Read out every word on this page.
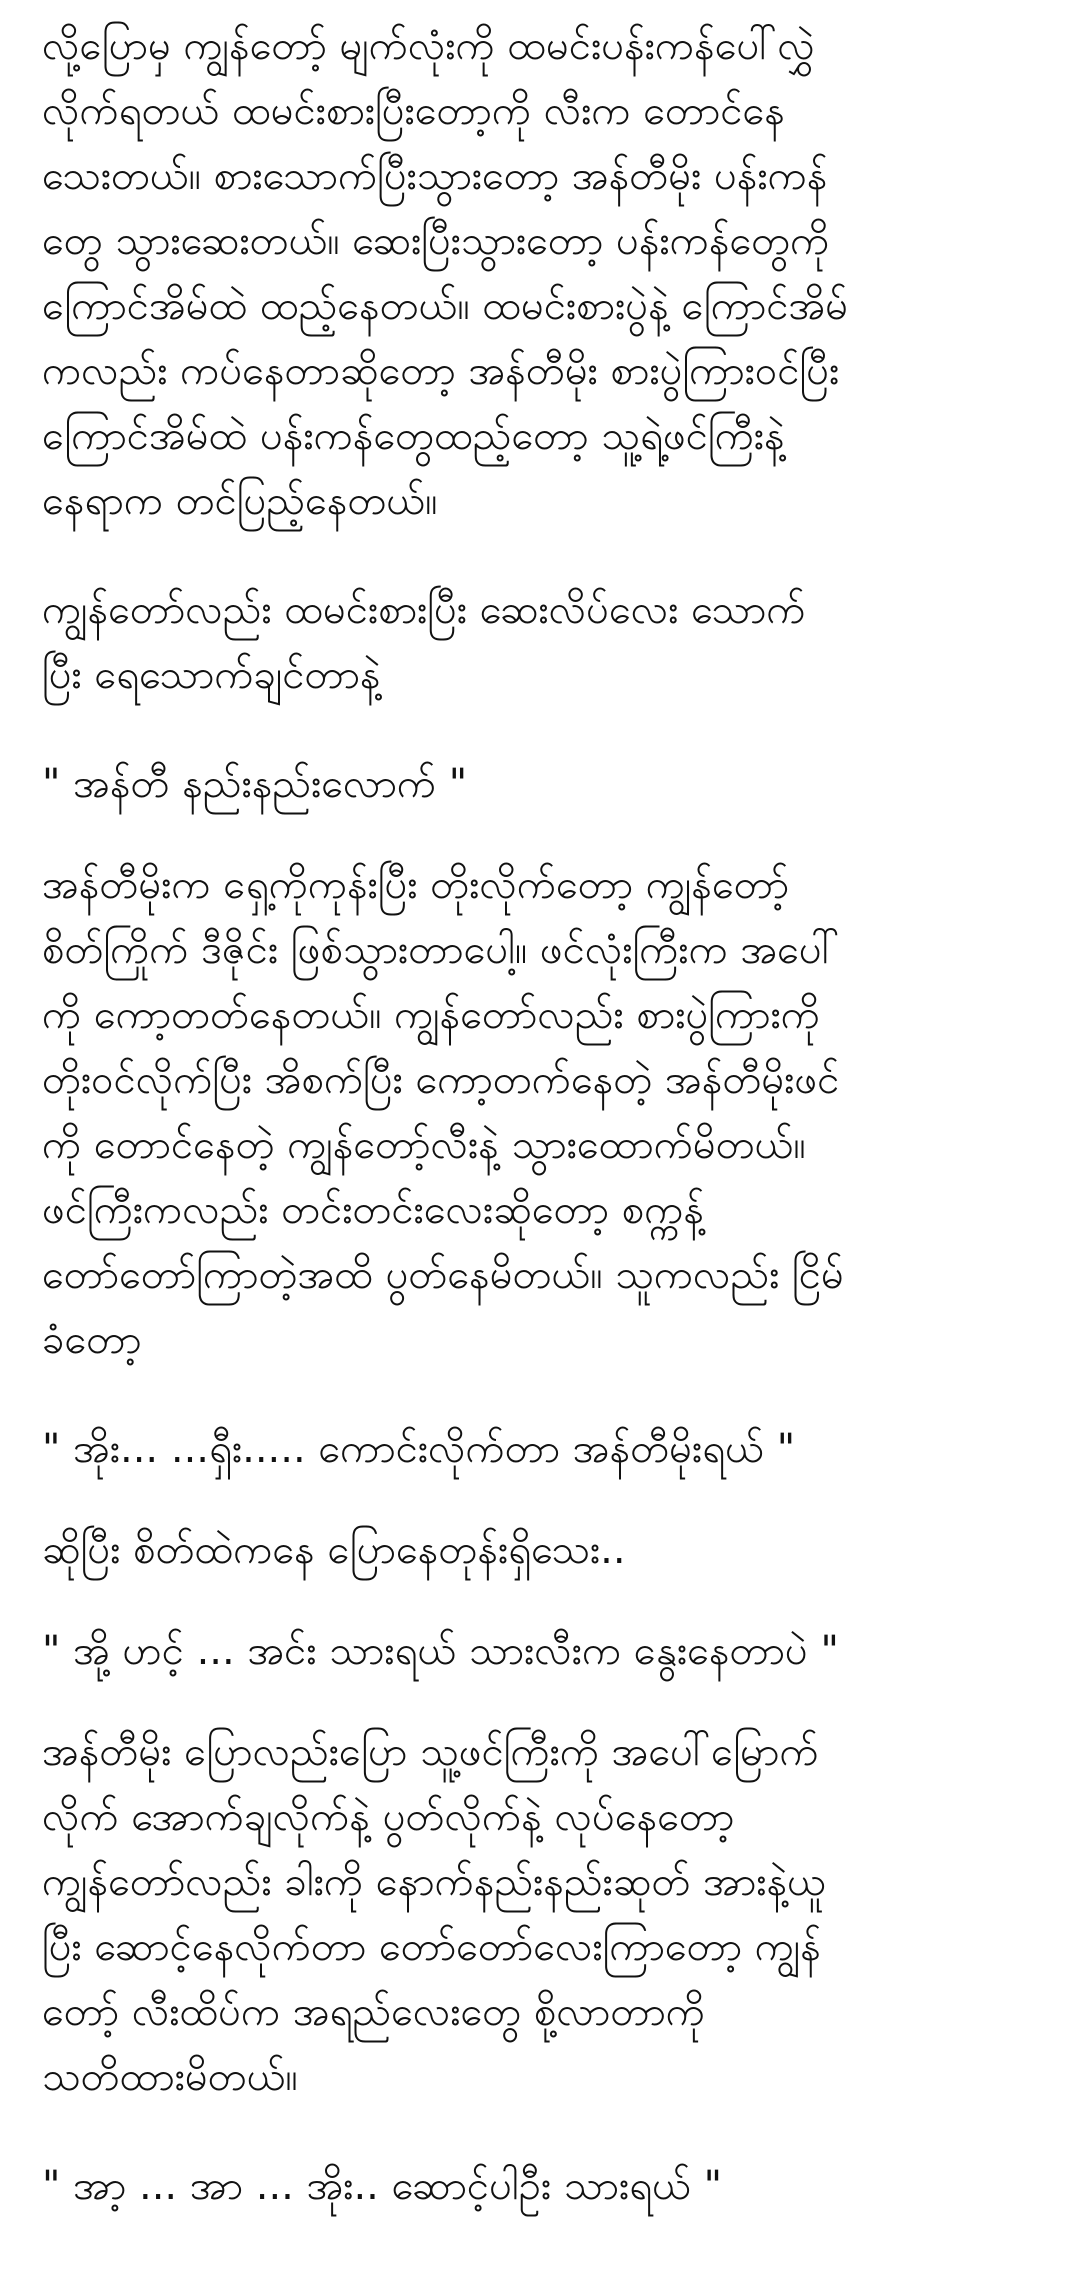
လို့ပြောမှ ကျွန်တော့် မျက်လုံးကို ထမင်းပန်းကန်ပေါ်လွှဲ
လိုက်ရတယ် ထမင်းစားပြီးတော့ကို လီးက တောင်နေ
သေးတယ်။ စားသောက်ပြီးသွားတော့ အန်တီမိုး ပန်းကန်
တွေ သွားဆေးတယ်။ ဆေးပြီးသွားတော့ ပန်းကန်တွေကို
ကြောင်အိမ်ထဲ ထည့်နေတယ်။ ထမင်းစားပွဲနဲ့ ကြောင်အိမ်
ကလည်း ကပ်နေတာဆိုတော့ အန်တီမိုး စားပွဲကြားဝင်ပြီး
ကြောင်အိမ်ထဲ ပန်းကန်တွေထည့်တော့ သူ့ရဲ့ဖင်ကြီးနဲ့
နေရာက တင်ပြည့်နေတယ်။

ကျွန်တော်လည်း ထမင်းစားပြီး ဆေးလိပ်လေး သောက်
ပြီး ရေသောက်ချင်တာနဲ့

" အန်တီ နည်းနည်းလောက် "

အန်တီမိုးက ရှေ့ကိုကုန်းပြီး တိုးလိုက်တော့ ကျွန်တော့်
စိတ်ကြိုက် ဒီဇိုင်း ဖြစ်သွားတာပေါ့။ ဖင်လုံးကြီးက အပေါ်
ကို ကော့တတ်နေတယ်။ ကျွန်တော်လည်း စားပွဲကြားကို
တိုးဝင်လိုက်ပြီး အိစက်ပြီး ကော့တက်နေတဲ့ အန်တီမိုးဖင်
ကို တောင်နေတဲ့ ကျွန်တော့်လီးနဲ့ သွားထောက်မိတယ်။
ဖင်ကြီးကလည်း တင်းတင်းလေးဆိုတော့ စက္ကန့်
တော်တော်ကြာတဲ့အထိ ပွတ်နေမိတယ်။ သူကလည်း ငြိမ်
ခံတော့

" အိုး... ...ရှီး..... ကောင်းလိုက်တာ အန်တီမိုးရယ် "

ဆိုပြီး စိတ်ထဲကနေ ပြောနေတုန်းရှိသေး..

" အို့ ဟင့် ... အင်း သားရယ် သားလီးက နွေးနေတာပဲ "

အန်တီမိုး ပြောလည်းပြော သူ့ဖင်ကြီးကို အပေါ်မြောက်
လိုက် အောက်ချလိုက်နဲ့ ပွတ်လိုက်နဲ့ လုပ်နေတော့
ကျွန်တော်လည်း ခါးကို နောက်နည်းနည်းဆုတ် အားနဲ့ယူ
ပြီး ဆောင့်နေလိုက်တာ တော်တော်လေးကြာတော့ ကျွန်
တော့် လီးထိပ်က အရည်လေးတွေ စို့လာတာကို
သတိထားမိတယ်။

" အာ့ ... အာ ... အိုး.. ဆောင့်ပါဦး သားရယ် "
